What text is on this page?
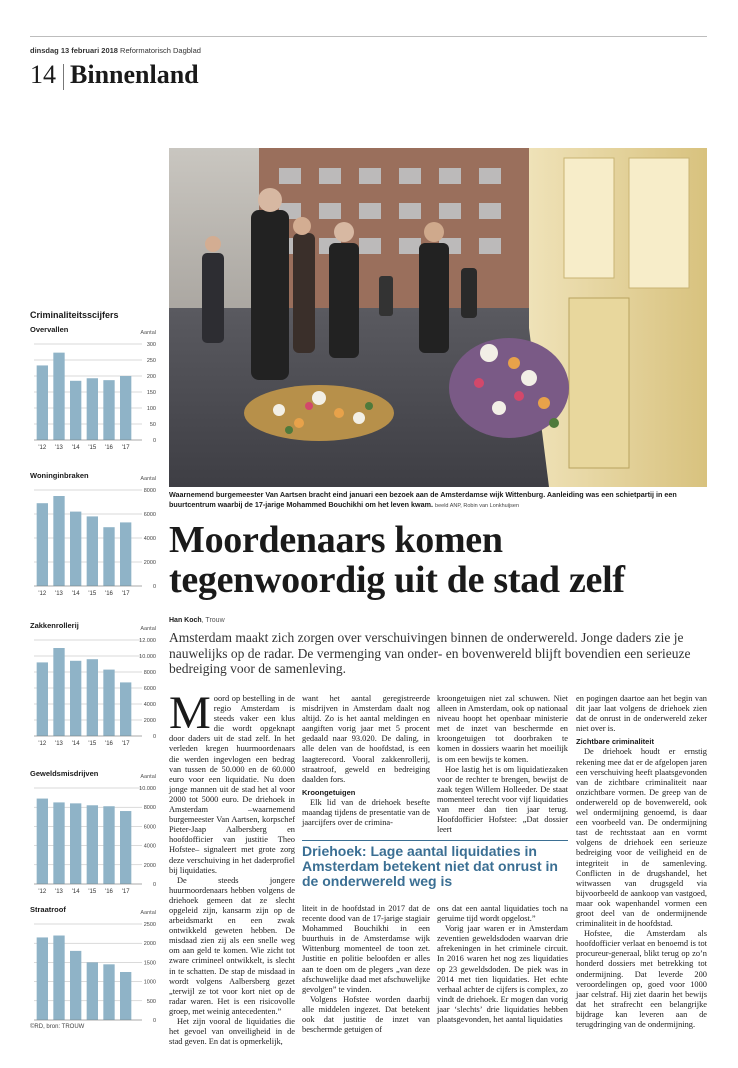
dinsdag 13 februari 2018 Reformatorisch Dagblad
14 Binnenland
Criminaliteitsscijfers
Overvallen	Aantal
0
50
100
150
200
250
300
'12 '13 '14 '15 '16 '17
Woninginbraken	Aantal
0
2000
4000
6000
8000
'12 '13 '14 '15 '16 '17
Zakkenrollerij	Aantal
0
2000
4000
6000
8000
10.000
12.000
'12 '13 '14 '15 '16 '17
Geweldsmisdrijven	Aantal
0
2000
4000
6000
8000
10.000
'12 '13 '14 '15 '16 '17
Straatroof	Aantal
0
500
1000
1500
2000
2500
©RD, bron: TROUW
Waarnemend burgemeester Van Aartsen bracht eind januari een bezoek aan de Amsterdamse wijk Wittenburg. Aanleiding was een schietpartij in een buurtcentrum waarbij de 17-jarige Mohammed Bouchikhi om het leven kwam. beeld ANP, Robin van Lonkhuijsen
Moordenaars komen
tegenwoordig uit de stad zelf
Han Koch, Trouw
Amsterdam maakt zich zorgen over verschuivingen binnen de onderwereld. Jonge daders zie je nauwelijks op de radar. De vermenging van onder- en bovenwereld blijft bovendien een serieuze bedreiging voor de samenleving.
M oord op bestelling in de regio Amsterdam is steeds vaker een klus die wordt opgeknapt door daders uit de stad zelf. In het verleden kregen huurmoordenaars die werden ingevlogen een bedrag van tussen de 50.000 en de 60.000 euro voor een liquidatie. Nu doen jonge mannen uit de stad het al voor 2000 tot 5000 euro. De driehoek in Amsterdam –waarnemend burgemeester Van Aartsen, korpschef Pieter-Jaap Aalbersberg en hoofdofficier van justitie Theo Hofstee– signaleert met grote zorg deze verschuiving in het daderprofiel bij liquidaties.

De steeds jongere huurmoordenaars hebben volgens de driehoek gemeen dat ze slecht opgeleid zijn, kansarm zijn op de arbeidsmarkt en een zwak ontwikkeld geweten hebben. De misdaad zien zij als een snelle weg om aan geld te komen. Wie zicht tot zware crimineel ontwikkelt, is slecht in te schatten. De stap de misdaad in wordt volgens Aalbersberg gezet „terwijl ze tot voor kort niet op de radar waren. Het is een risicovolle groep, met weinig antecedenten.”

Het zijn vooral de liquidaties die het gevoel van onveiligheid in de stad geven. En dat is opmerkelijk,

want het aantal geregistreerde misdrijven in Amsterdam daalt nog altijd. Zo is het aantal meldingen en aangiften vorig jaar met 5 procent gedaald naar 93.020. De daling, in alle delen van de hoofdstad, is een laagterecord. Vooral zakkenrollerij, straatroof, geweld en bedreiging daalden fors.

Kroongetuigen

Elk lid van de driehoek besefte maandag tijdens de presentatie van de jaarcijfers over de crimina-

liteit in de hoofdstad in 2017 dat de recente dood van de 17-jarige stagiair Mohammed Bouchikhi in een buurthuis in de Amsterdamse wijk Wittenburg momenteel de toon zet. Justitie en politie beloofden er alles aan te doen om de plegers „van deze afschuwelijke daad met afschuwelijke gevolgen” te vinden.

Volgens Hofstee worden daarbij alle middelen ingezet. Dat betekent ook dat justitie de inzet van beschermde getuigen of

kroongetuigen niet zal schuwen. Niet alleen in Amsterdam, ook op nationaal niveau hoopt het openbaar ministerie met de inzet van beschermde en kroongetuigen tot doorbraken te komen in dossiers waarin het moeilijk is om een bewijs te komen.

Hoe lastig het is om liquidatiezaken voor de rechter te brengen, bewijst de zaak tegen Willem Holleeder. De staat momenteel terecht voor vijf liquidaties van meer dan tien jaar terug. Hoofdofficier Hofstee: „Dat dossier leert

ons dat een aantal liquidaties toch na geruime tijd wordt opgelost.”

Vorig jaar waren er in Amsterdam zeventien geweldsdoden waarvan drie afrekeningen in het criminele circuit. In 2016 waren het nog zes liquidaties op 23 geweldsdoden. De piek was in 2014 met tien liquidaties. Het echte verhaal achter de cijfers is complex, zo vindt de driehoek. Er mogen dan vorig jaar ‘slechts’ drie liquidaties hebben plaatsgevonden, het aantal liquidaties

Driehoek: Lage aantal liquidaties in Amsterdam betekent niet dat onrust in de onderwereld weg is

en pogingen daartoe aan het begin van dit jaar laat volgens de driehoek zien dat de onrust in de onderwereld zeker niet over is.

Zichtbare criminaliteit

De driehoek houdt er ernstig rekening mee dat er de afgelopen jaren een verschuiving heeft plaatsgevonden van de zichtbare criminaliteit naar onzichtbare vormen. De greep van de onderwereld op de bovenwereld, ook wel ondermijning genoemd, is daar een voorbeeld van. De ondermijning tast de rechtsstaat aan en vormt volgens de driehoek een serieuze bedreiging voor de veiligheid en de integriteit in de samenleving. Conflicten in de drugshandel, het witwassen van drugsgeld via bijvoorbeeld de aankoop van vastgoed, maar ook wapenhandel vormen een groot deel van de ondermijnende criminaliteit in de hoofdstad.

Hofstee, die Amsterdam als hoofdofficier verlaat en benoemd is tot procureur-generaal, blikt terug op zo’n honderd dossiers met betrekking tot ondermijning. Dat leverde 200 veroordelingen op, goed voor 1000 jaar celstraf. Hij ziet daarin het bewijs dat het strafrecht een belangrijke bijdrage kan leveren aan de terugdringing van de ondermijning.
